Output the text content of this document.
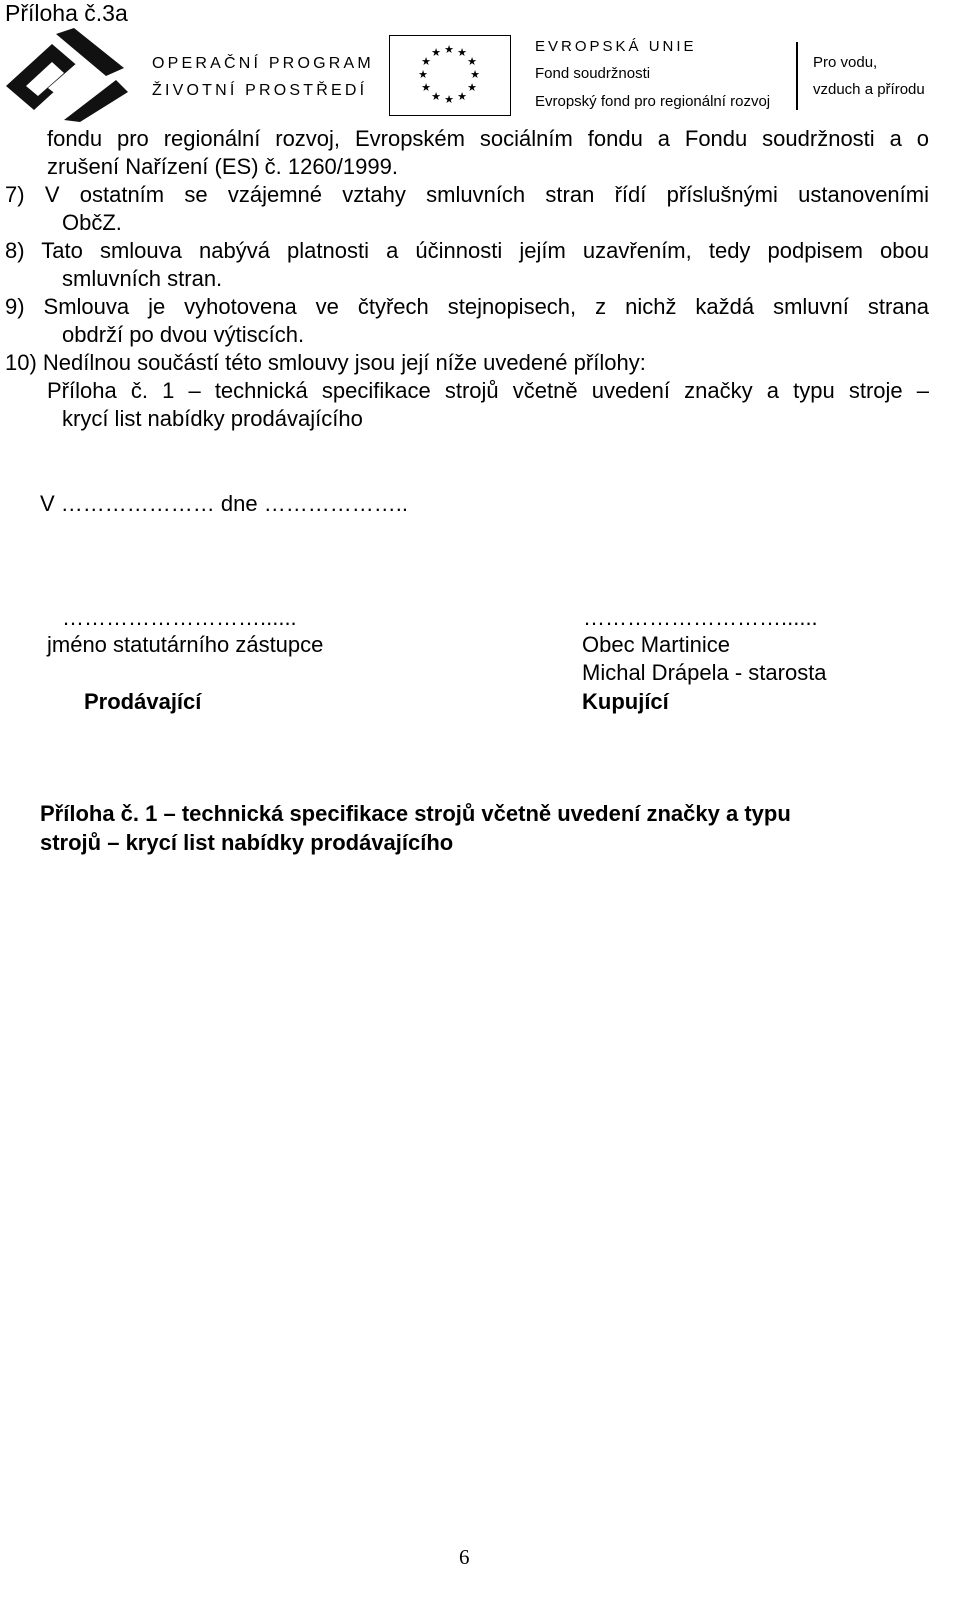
Příloha č.3a
OPERAČNÍ PROGRAM
ŽIVOTNÍ PROSTŘEDÍ
★ ★
★
★
★
★
★
★
★
★
★
★	EVROPSKÁ UNIE
Fond soudržnosti
Evropský fond pro regionální rozvoj
Pro vodu,
vzduch a přírodu
fondu pro regionální rozvoj, Evropském sociálním fondu a Fondu soudržnosti a o
zrušení Nařízení (ES) č. 1260/1999.
7) V ostatním se vzájemné vztahy smluvních stran řídí příslušnými ustanoveními
ObčZ.
8) Tato smlouva nabývá platnosti a účinnosti jejím uzavřením, tedy podpisem obou
smluvních stran.
9) Smlouva je vyhotovena ve čtyřech stejnopisech, z nichž každá smluvní strana
obdrží po dvou výtiscích.
10) Nedílnou součástí této smlouvy jsou její níže uvedené přílohy:
Příloha č. 1 – technická specifikace strojů včetně uvedení značky a typu stroje –
krycí list nabídky prodávajícího
V ………………… dne ………………..
………………………......
jméno statutárního zástupce
Prodávající
………………………......
Obec Martinice
Michal Drápela - starosta
Kupující
Příloha č. 1 – technická specifikace strojů včetně uvedení značky a typu
strojů – krycí list nabídky prodávajícího
6
